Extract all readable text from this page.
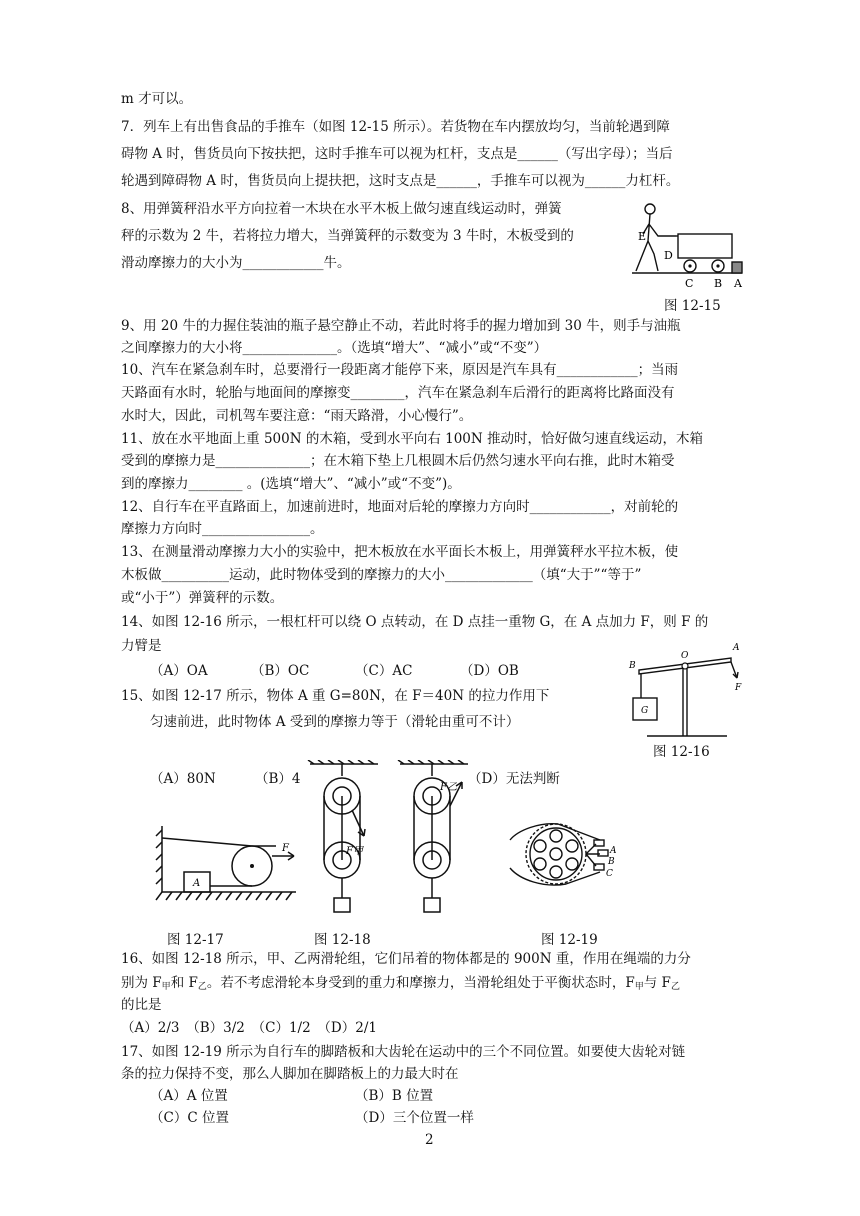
m 才可以。
7．列车上有出售食品的手推车（如图 12-15 所示）。若货物在车内摆放均匀，当前轮遇到障
碍物 A 时，售货员向下按扶把，这时手推车可以视为杠杆，支点是______（写出字母）；当后
轮遇到障碍物 A 时，售货员向上提扶把，这时支点是______，手推车可以视为______力杠杆。
8、用弹簧秤沿水平方向拉着一木块在水平木板上做匀速直线运动时，弹簧
秤的示数为 2 牛，若将拉力增大，当弹簧秤的示数变为 3 牛时，木板受到的
滑动摩擦力的大小为____________牛。
9、用 20 牛的力握住装油的瓶子悬空静止不动，若此时将手的握力增加到 30 牛，则手与油瓶
之间摩擦力的大小将______________。（选填“增大”、“减小”或“不变”）
10、汽车在紧急刹车时，总要滑行一段距离才能停下来，原因是汽车具有____________；当雨
天路面有水时，轮胎与地面间的摩擦变________，汽车在紧急刹车后滑行的距离将比路面没有
水时大，因此，司机驾车要注意：“雨天路滑，小心慢行”。
11、放在水平地面上重 500N 的木箱，受到水平向右 100N 推动时，恰好做匀速直线运动，木箱
受到的摩擦力是______________；在木箱下垫上几根圆木后仍然匀速水平向右推，此时木箱受
到的摩擦力________ 。(选填“增大”、“减小”或“不变”)。
12、自行车在平直路面上，加速前进时，地面对后轮的摩擦力方向时____________，对前轮的
摩擦力方向时________________。
13、在测量滑动摩擦力大小的实验中，把木板放在水平面长木板上，用弹簧秤水平拉木板，使
木板做__________运动，此时物体受到的摩擦力的大小_____________（填“大于”“等于”
或“小于”）弹簧秤的示数。
14、如图 12-16 所示，一根杠杆可以绕 O 点转动，在 D 点挂一重物 G，在 A 点加力 F，则 F 的
力臂是
（A）OA	（B）OC	（C）AC	（D）OB
15、如图 12-17 所示，物体 A 重 G=80N，在 F＝40N 的拉力作用下
匀速前进，此时物体 A 受到的摩擦力等于（滑轮由重可不计）
（A）80N	（B）4	（D）无法判断
16、如图 12-18 所示，甲、乙两滑轮组，它们吊着的物体都是的 900N 重，作用在绳端的力分
别为 $F_甲$和 $F_乙$。若不考虑滑轮本身受到的重力和摩擦力，当滑轮组处于平衡状态时，$F_甲$与 $F_乙$
的比是
（A）2/3　（B）3/2　（C）1/2　（D）2/1
17、如图 12-19 所示为自行车的脚踏板和大齿轮在运动中的三个不同位置。如要使大齿轮对链
条的拉力保持不变，那么人脚加在脚踏板上的力最大时在
（A）A 位置	（B）B 位置
（C）C 位置	（D）三个位置一样
2
E
D
C B A
图 12-15
B
O
A
F
G
图 12-16
A
F
图 12-17
F甲
F乙
图 12-18
A
B
C
图 12-19
